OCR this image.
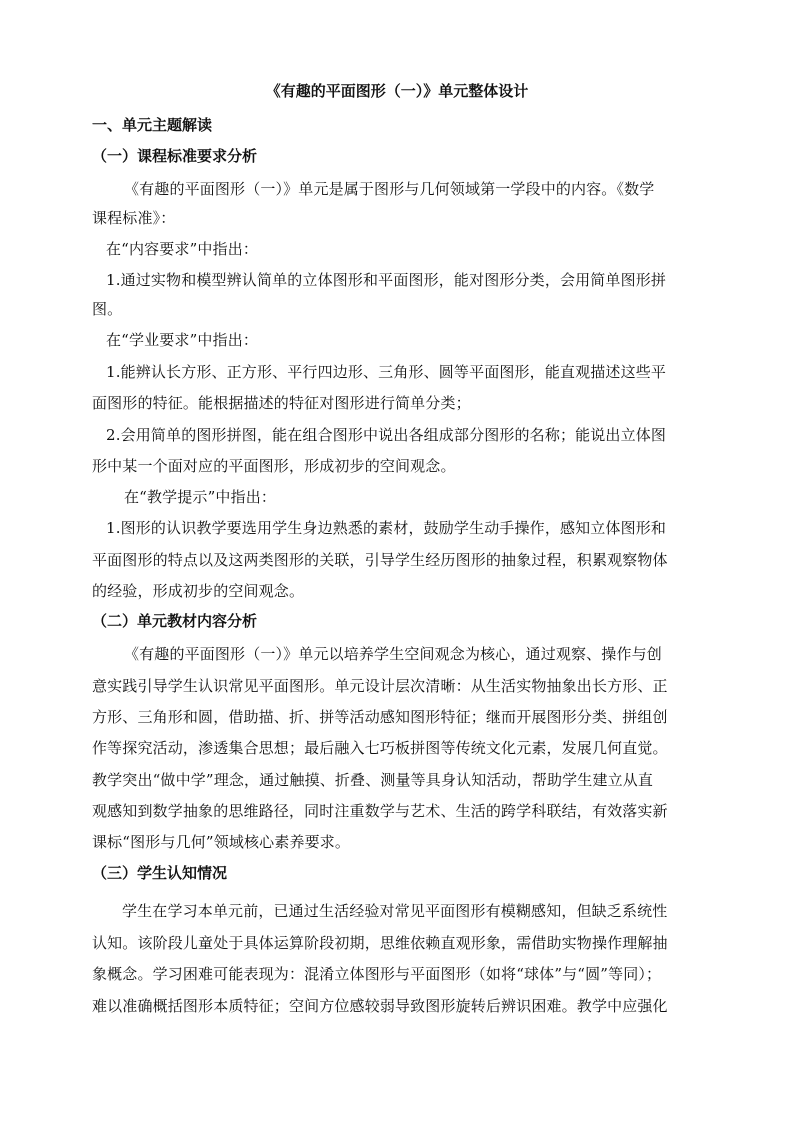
《有趣的平面图形（一）》单元整体设计
一、单元主题解读
（一）课程标准要求分析
《有趣的平面图形（一）》单元是属于图形与几何领域第一学段中的内容。《数学
课程标准》：
在“内容要求”中指出：
1.通过实物和模型辨认简单的立体图形和平面图形，能对图形分类，会用简单图形拼
图。
在“学业要求”中指出：
1.能辨认长方形、正方形、平行四边形、三角形、圆等平面图形，能直观描述这些平
面图形的特征。能根据描述的特征对图形进行简单分类；
2.会用简单的图形拼图，能在组合图形中说出各组成部分图形的名称；能说出立体图
形中某一个面对应的平面图形，形成初步的空间观念。
在“教学提示”中指出：
1.图形的认识教学要选用学生身边熟悉的素材，鼓励学生动手操作，感知立体图形和
平面图形的特点以及这两类图形的关联，引导学生经历图形的抽象过程，积累观察物体
的经验，形成初步的空间观念。
（二）单元教材内容分析
《有趣的平面图形（一）》单元以培养学生空间观念为核心，通过观察、操作与创
意实践引导学生认识常见平面图形。单元设计层次清晰：从生活实物抽象出长方形、正
方形、三角形和圆，借助描、折、拼等活动感知图形特征；继而开展图形分类、拼组创
作等探究活动，渗透集合思想；最后融入七巧板拼图等传统文化元素，发展几何直觉。
教学突出“做中学”理念，通过触摸、折叠、测量等具身认知活动，帮助学生建立从直
观感知到数学抽象的思维路径，同时注重数学与艺术、生活的跨学科联结，有效落实新
课标“图形与几何”领域核心素养要求。
（三）学生认知情况
学生在学习本单元前，已通过生活经验对常见平面图形有模糊感知，但缺乏系统性
认知。该阶段儿童处于具体运算阶段初期，思维依赖直观形象，需借助实物操作理解抽
象概念。学习困难可能表现为：混淆立体图形与平面图形（如将“球体”与“圆”等同）；
难以准确概括图形本质特征；空间方位感较弱导致图形旋转后辨识困难。教学中应强化
